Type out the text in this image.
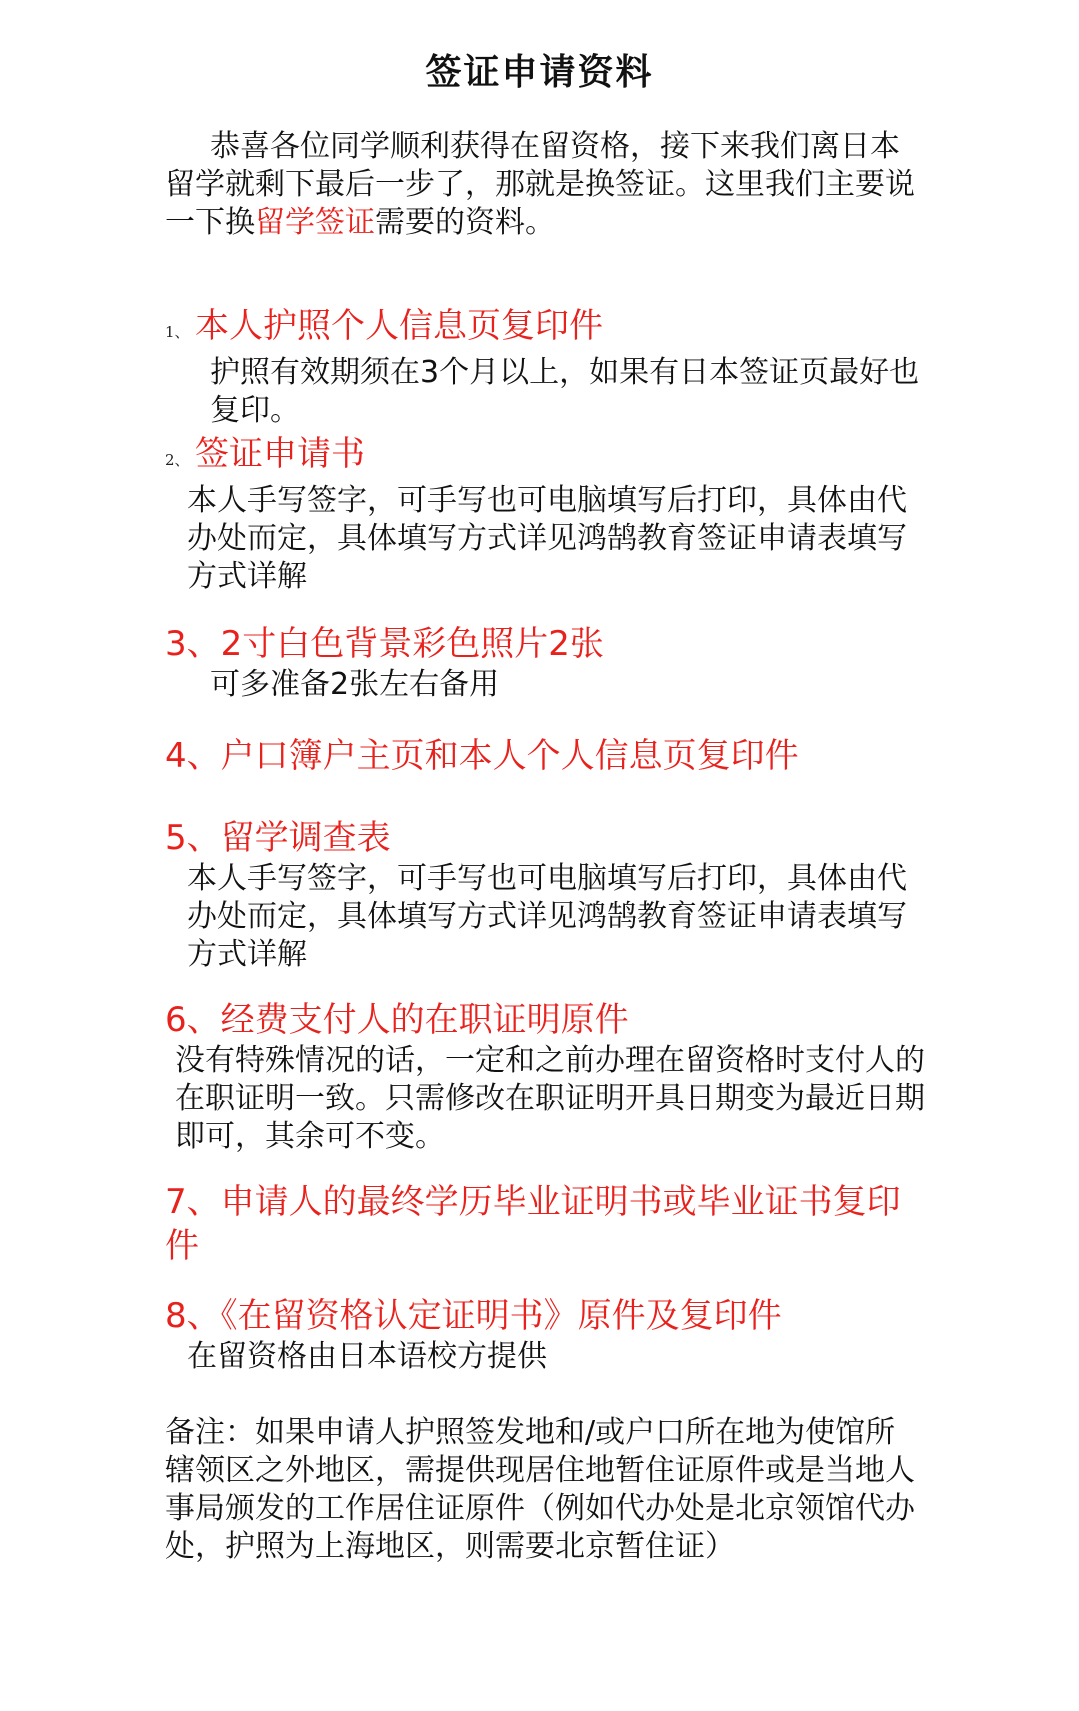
签证申请资料

恭喜各位同学顺利获得在留资格，接下来我们离日本留学就剩下最后一步了，那就是换签证。这里我们主要说一下换留学签证需要的资料。

1、 本人护照个人信息页复印件

护照有效期须在3个月以上，如果有日本签证页最好也复印。

2、 签证申请书

本人手写签字，可手写也可电脑填写后打印，具体由代办处而定，具体填写方式详见鸿鹄教育签证申请表填写方式详解

3、2寸白色背景彩色照片2张

可多准备2张左右备用

4、户口簿户主页和本人个人信息页复印件
5、留学调查表

本人手写签字，可手写也可电脑填写后打印，具体由代办处而定，具体填写方式详见鸿鹄教育签证申请表填写方式详解

6、经费支付人的在职证明原件

没有特殊情况的话，一定和之前办理在留资格时支付人的在职证明一致。只需修改在职证明开具日期变为最近日期即可，其余可不变。

7、申请人的最终学历毕业证明书或毕业证书复印件
8、《在留资格认定证明书》原件及复印件

在留资格由日本语校方提供

备注：如果申请人护照签发地和/或户口所在地为使馆所辖领区之外地区，需提供现居住地暂住证原件或是当地人事局颁发的工作居住证原件（例如代办处是北京领馆代办处，护照为上海地区，则需要北京暂住证）
